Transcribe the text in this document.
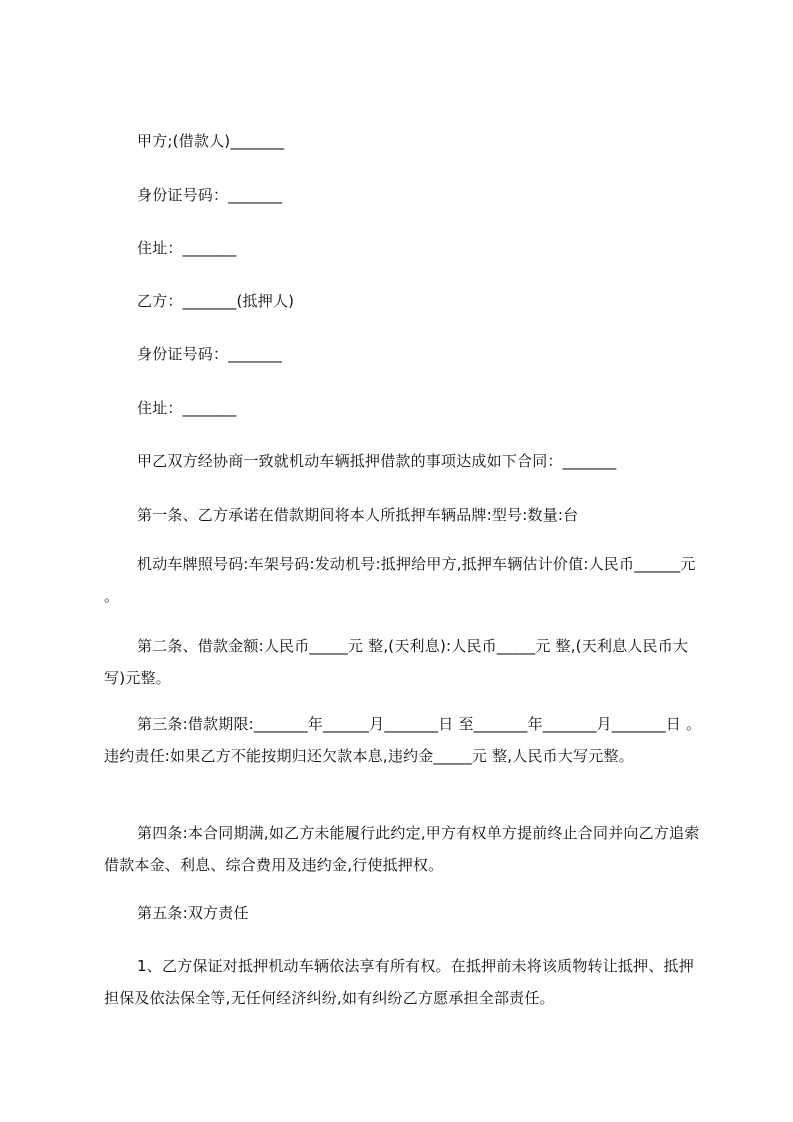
甲方;(借款人)_______
身份证号码：_______
住址：_______
乙方：_______(抵押人)
身份证号码：_______
住址：_______
甲乙双方经协商一致就机动车辆抵押借款的事项达成如下合同：_______
第一条、乙方承诺在借款期间将本人所抵押车辆品牌:型号:数量:台
机动车牌照号码:车架号码:发动机号:抵押给甲方,抵押车辆估计价值:人民币______元 。
第二条、借款金额:人民币_____元 整,(天利息):人民币_____元 整,(天利息人民币大写)元整。
第三条:借款期限:_______年______月_______日 至_______年_______月_______日 。违约责任:如果乙方不能按期归还欠款本息,违约金_____元 整,人民币大写元整。
第四条:本合同期满,如乙方未能履行此约定,甲方有权单方提前终止合同并向乙方追索借款本金、利息、综合费用及违约金,行使抵押权。
第五条:双方责任
1、乙方保证对抵押机动车辆依法享有所有权。在抵押前未将该质物转让抵押、抵押担保及依法保全等,无任何经济纠纷,如有纠纷乙方愿承担全部责任。
